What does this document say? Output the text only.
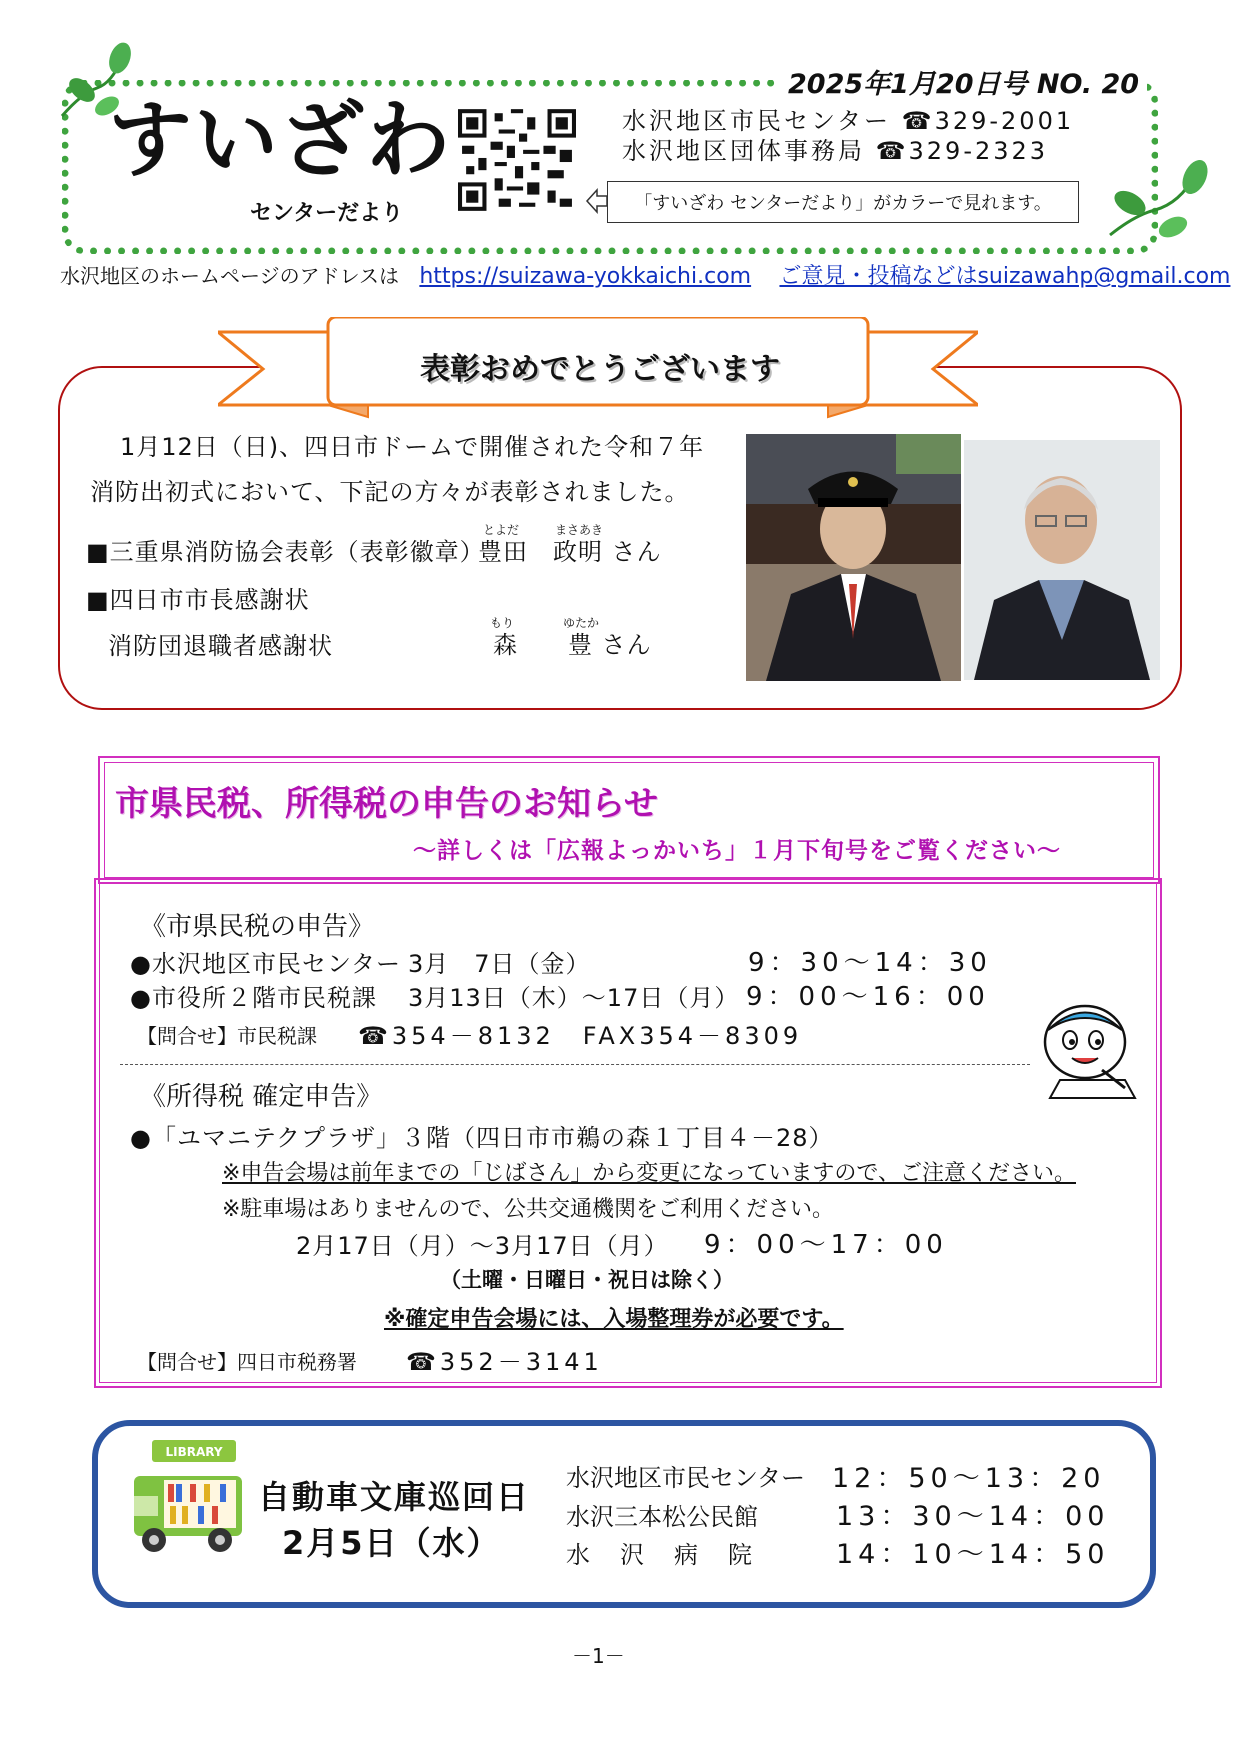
2025年1月20日号 NO. 20
すいざわ
センターだより
水沢地区市民センター ☎329-2001
水沢地区団体事務局 ☎329-2323
「すいざわ センターだより」がカラーで見れます。
水沢地区のホームページのアドレスは https://suizawa-yokkaichi.com ご意見・投稿などはsuizawahp@gmail.com
表彰おめでとうございます
1月12日（日)、四日市ドームで開催された令和７年
消防出初式において、下記の方々が表彰されました。
■三重県消防協会表彰（表彰徽章）
とよだ	まさあき
豊田　政明 さん
■四日市市長感謝状
消防団退職者感謝状
もり	ゆたか
森　　豊 さん
市県民税、所得税の申告のお知らせ
～詳しくは「広報よっかいち」１月下旬号をご覧ください～
《市県民税の申告》
●水沢地区市民センター 3月　7日（金）	9：30～14：30
●市役所２階市民税課 3月13日（木）～17日（月） 9：00～16：00
【問合せ】市民税課 ☎354－8132　FAX354－8309
《所得税 確定申告》
●「ユマニテクプラザ」３階（四日市市鵜の森１丁目４－28）
※申告会場は前年までの「じばさん」から変更になっていますので、ご注意ください。
※駐車場はありませんので、公共交通機関をご利用ください。
2月17日（月）～3月17日（月） 9：00～17：00
（土曜・日曜日・祝日は除く）
※確定申告会場には、入場整理券が必要です。
【問合せ】四日市税務署 ☎352－3141
LIBRARY
自動車文庫巡回日
2月5日（水）
水沢地区市民センター 12：50～13：20
水沢三本松公民館	13：30～14：00
水沢病院 14：10～14：50
－1－
